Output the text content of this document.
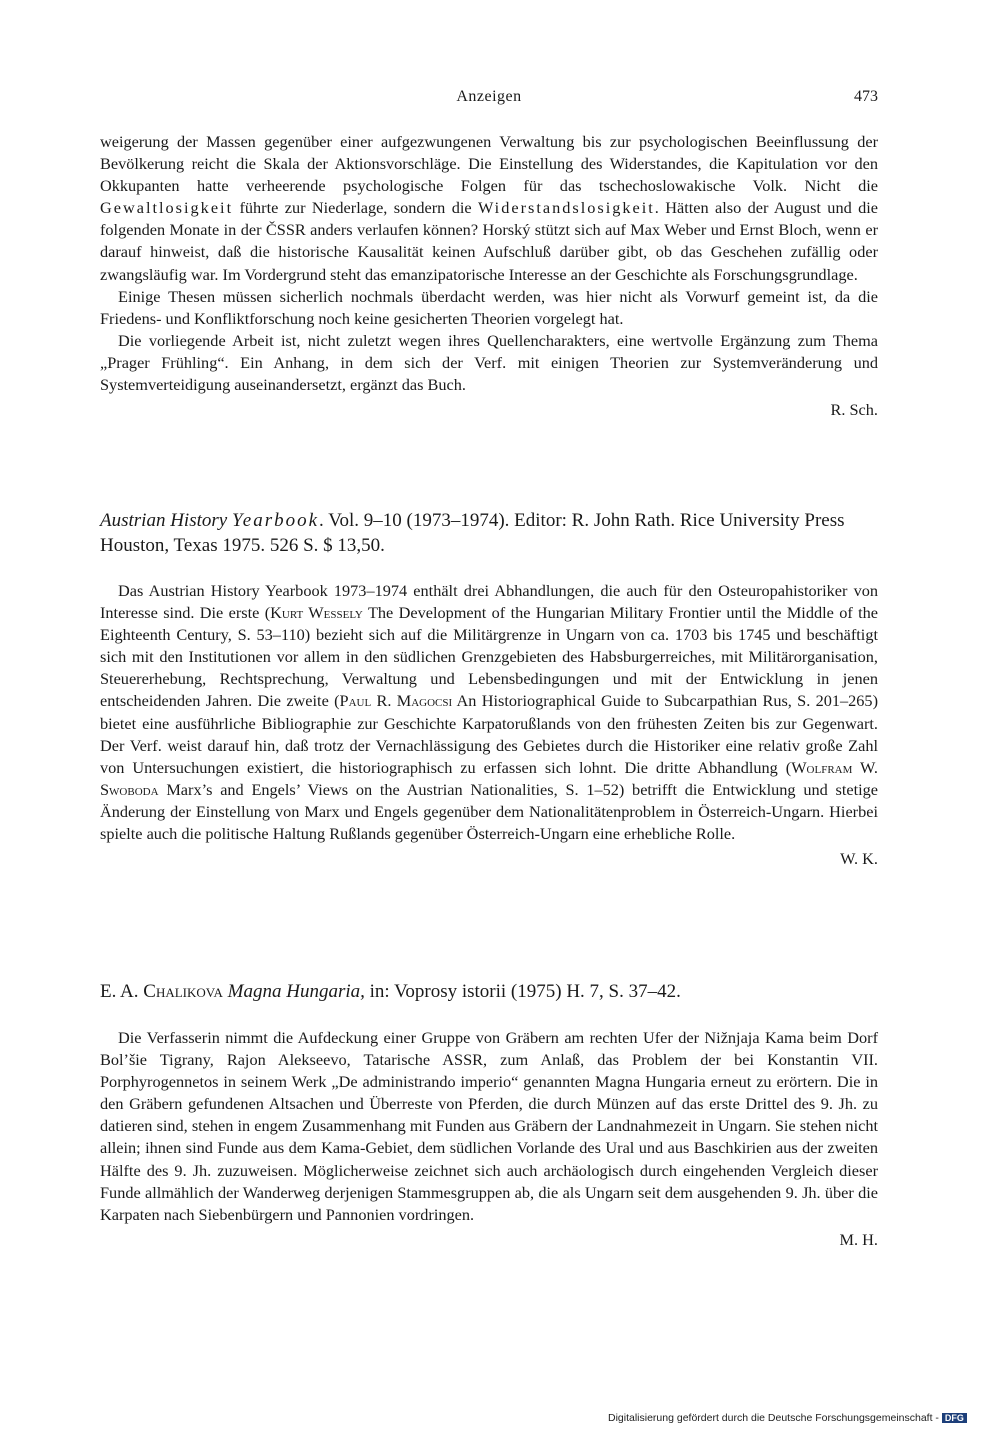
Anzeigen	473

weigerung der Massen gegenüber einer aufgezwungenen Verwaltung bis zur psychologischen Beeinflussung der Bevölkerung reicht die Skala der Aktionsvorschläge. Die Einstellung des Widerstandes, die Kapitulation vor den Okkupanten hatte verheerende psychologische Folgen für das tschechoslowakische Volk. Nicht die Gewaltlosigkeit führte zur Niederlage, sondern die Widerstandslosigkeit. Hätten also der August und die folgenden Monate in der ČSSR anders verlaufen können? Horský stützt sich auf Max Weber und Ernst Bloch, wenn er darauf hinweist, daß die historische Kausalität keinen Aufschluß darüber gibt, ob das Geschehen zufällig oder zwangsläufig war. Im Vordergrund steht das emanzipatorische Interesse an der Geschichte als Forschungsgrundlage.

Einige Thesen müssen sicherlich nochmals überdacht werden, was hier nicht als Vorwurf gemeint ist, da die Friedens- und Konfliktforschung noch keine gesicherten Theorien vorgelegt hat.

Die vorliegende Arbeit ist, nicht zuletzt wegen ihres Quellencharakters, eine wertvolle Ergänzung zum Thema „Prager Frühling“. Ein Anhang, in dem sich der Verf. mit einigen Theorien zur Systemveränderung und Systemverteidigung auseinandersetzt, ergänzt das Buch.

R. Sch.

Austrian History Yearbook. Vol. 9–10 (1973–1974). Editor: R. John Rath. Rice University Press Houston, Texas 1975. 526 S. $ 13,50.

Das Austrian History Yearbook 1973–1974 enthält drei Abhandlungen, die auch für den Osteuropahistoriker von Interesse sind. Die erste (Kurt Wessely The Development of the Hungarian Military Frontier until the Middle of the Eighteenth Century, S. 53–110) bezieht sich auf die Militärgrenze in Ungarn von ca. 1703 bis 1745 und beschäftigt sich mit den Institutionen vor allem in den südlichen Grenzgebieten des Habsburgerreiches, mit Militärorganisation, Steuererhebung, Rechtsprechung, Verwaltung und Lebensbedingungen und mit der Entwicklung in jenen entscheidenden Jahren. Die zweite (Paul R. Magocsi An Historiographical Guide to Subcarpathian Rus, S. 201–265) bietet eine ausführliche Bibliographie zur Geschichte Karpatorußlands von den frühesten Zeiten bis zur Gegenwart. Der Verf. weist darauf hin, daß trotz der Vernachlässigung des Gebietes durch die Historiker eine relativ große Zahl von Untersuchungen existiert, die historiographisch zu erfassen sich lohnt. Die dritte Abhandlung (Wolfram W. Swoboda Marx’s and Engels’ Views on the Austrian Nationalities, S. 1–52) betrifft die Entwicklung und stetige Änderung der Einstellung von Marx und Engels gegenüber dem Nationalitätenproblem in Österreich-Ungarn. Hierbei spielte auch die politische Haltung Rußlands gegenüber Österreich-Ungarn eine erhebliche Rolle.

W. K.

E. A. Chalikova Magna Hungaria, in: Voprosy istorii (1975) H. 7, S. 37–42.

Die Verfasserin nimmt die Aufdeckung einer Gruppe von Gräbern am rechten Ufer der Nižnjaja Kama beim Dorf Bol’šie Tigrany, Rajon Alekseevo, Tatarische ASSR, zum Anlaß, das Problem der bei Konstantin VII. Porphyrogennetos in seinem Werk „De administrando imperio“ genannten Magna Hungaria erneut zu erörtern. Die in den Gräbern gefundenen Altsachen und Überreste von Pferden, die durch Münzen auf das erste Drittel des 9. Jh. zu datieren sind, stehen in engem Zusammenhang mit Funden aus Gräbern der Landnahmezeit in Ungarn. Sie stehen nicht allein; ihnen sind Funde aus dem Kama-Gebiet, dem südlichen Vorlande des Ural und aus Baschkirien aus der zweiten Hälfte des 9. Jh. zuzuweisen. Möglicherweise zeichnet sich auch archäologisch durch eingehenden Vergleich dieser Funde allmählich der Wanderweg derjenigen Stammesgruppen ab, die als Ungarn seit dem ausgehenden 9. Jh. über die Karpaten nach Siebenbürgern und Pannonien vordringen.

M. H.

Digitalisierung gefördert durch die Deutsche Forschungsgemeinschaft - DFG
